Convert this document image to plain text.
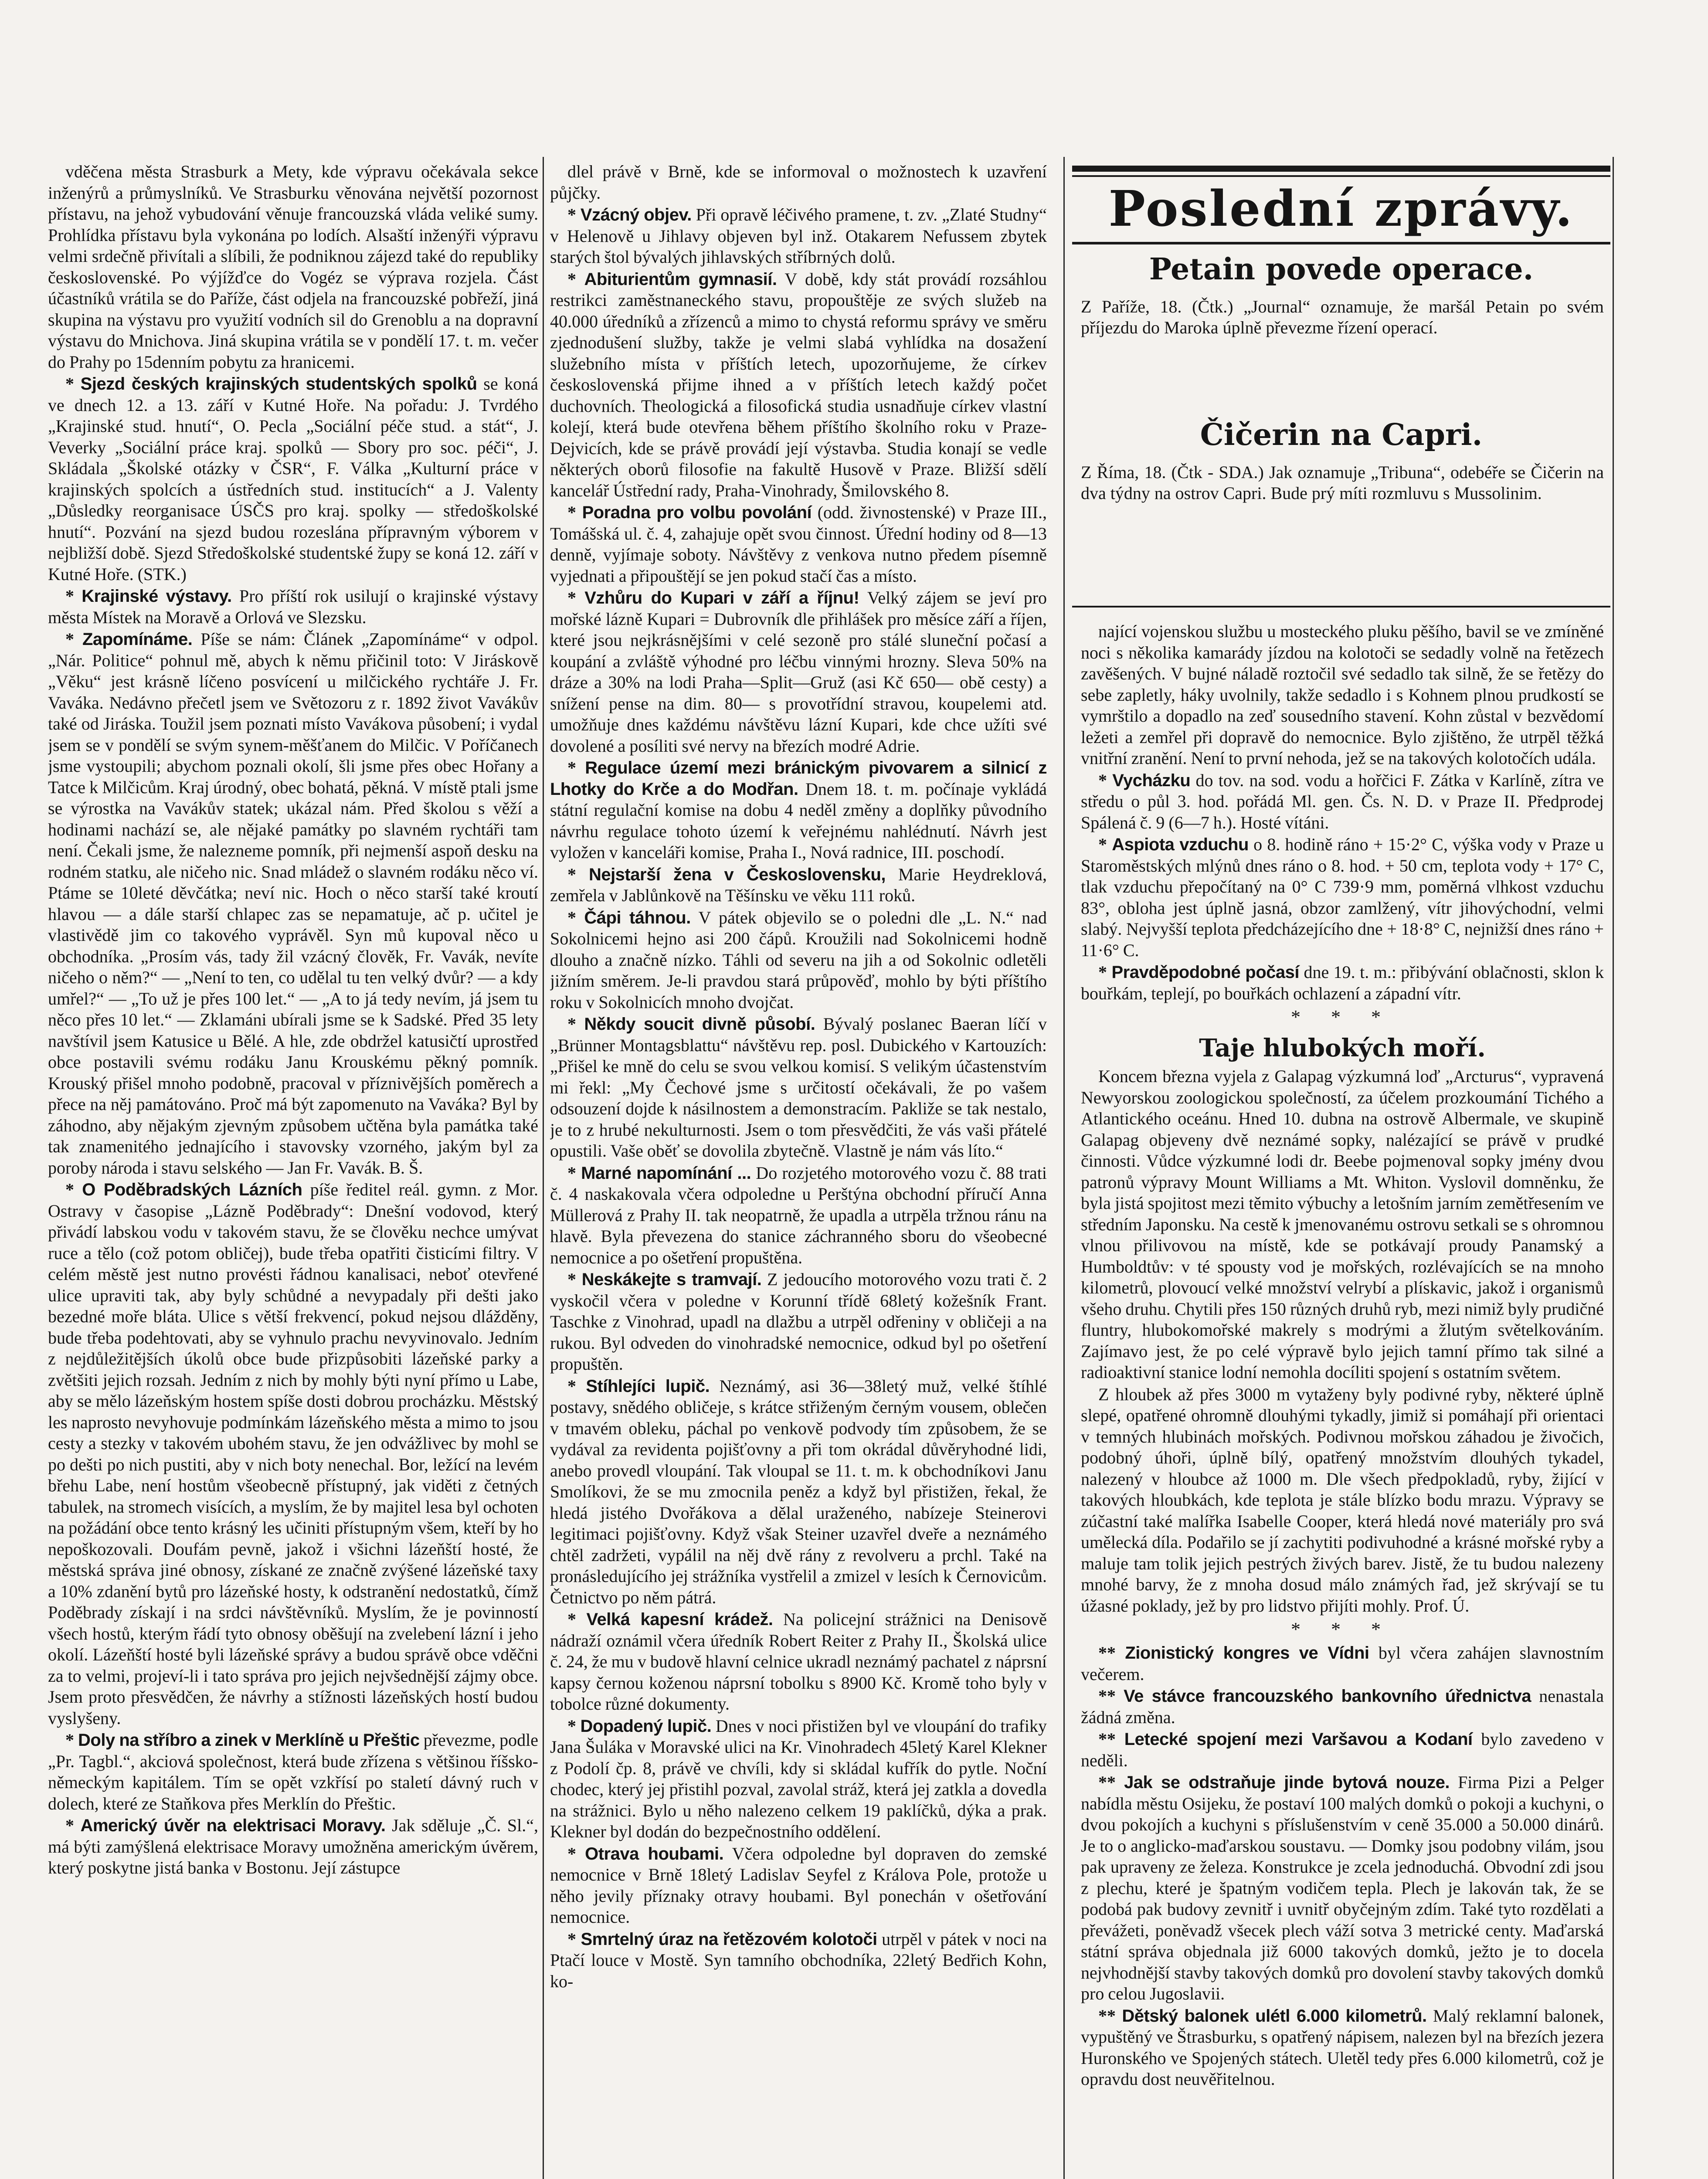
vděčena města Strasburk a Mety, kde výpravu očekávala sekce inženýrů a průmyslníků. Ve Strasburku věnována největší pozornost přístavu, na jehož vybudování věnuje francouzská vláda veliké sumy. Prohlídka přístavu byla vykonána po lodích. Alsaští inženýři výpravu velmi srdečně přivítali a slíbili, že podniknou zájezd také do republiky československé. Po výjížďce do Vogéz se výprava rozjela. Část účastníků vrátila se do Paříže, část odjela na francouzské pobřeží, jiná skupina na výstavu pro využití vodních sil do Grenoblu a na dopravní výstavu do Mnichova. Jiná skupina vrátila se v pondělí 17. t. m. večer do Prahy po 15denním pobytu za hranicemi.

* Sjezd českých krajinských studentských spolků se koná ve dnech 12. a 13. září v Kutné Hoře. Na pořadu: J. Tvrdého „Krajinské stud. hnutí“, O. Pecla „Sociální péče stud. a stát“, J. Veverky „Sociální práce kraj. spolků — Sbory pro soc. péči“, J. Skládala „Školské otázky v ČSR“, F. Válka „Kulturní práce v krajinských spolcích a ústředních stud. institucích“ a J. Valenty „Důsledky reorganisace ÚSČS pro kraj. spolky — středoškolské hnutí“. Pozvání na sjezd budou rozeslána přípravným výborem v nejbližší době. Sjezd Středoškolské studentské župy se koná 12. září v Kutné Hoře. (STK.)

* Krajinské výstavy. Pro příští rok usilují o krajinské výstavy města Místek na Moravě a Orlová ve Slezsku.

* Zapomínáme. Píše se nám: Článek „Zapomínáme“ v odpol. „Nár. Politice“ pohnul mě, abych k němu přičinil toto: V Jiráskově „Věku“ jest krásně líčeno posvícení u milčického rychtáře J. Fr. Vaváka. Nedávno přečetl jsem ve Světozoru z r. 1892 život Vavákův také od Jiráska. Toužil jsem poznati místo Vavákova působení; i vydal jsem se v pondělí se svým synem-měšťanem do Milčic. V Poříčanech jsme vystoupili; abychom poznali okolí, šli jsme přes obec Hořany a Tatce k Milčicům. Kraj úrodný, obec bohatá, pěkná. V místě ptali jsme se výrostka na Vavákův statek; ukázal nám. Před školou s věží a hodinami nachází se, ale nějaké památky po slavném rychtáři tam není. Čekali jsme, že nalezneme pomník, při nejmenší aspoň desku na rodném statku, ale ničeho nic. Snad mládež o slavném rodáku něco ví. Ptáme se 10leté děvčátka; neví nic. Hoch o něco starší také kroutí hlavou — a dále starší chlapec zas se nepamatuje, ač p. učitel je vlastivědě jim co takového vyprávěl. Syn mů kupoval něco u obchodníka. „Prosím vás, tady žil vzácný člověk, Fr. Vavák, nevíte ničeho o něm?“ — „Není to ten, co udělal tu ten velký dvůr? — a kdy umřel?“ — „To už je přes 100 let.“ — „A to já tedy nevím, já jsem tu něco přes 10 let.“ — Zklamáni ubírali jsme se k Sadské. Před 35 lety navštívil jsem Katusice u Bělé. A hle, zde obdržel katusičtí uprostřed obce postavili svému rodáku Janu Krouskému pěkný pomník. Krouský přišel mnoho podobně, pracoval v příznivějších poměrech a přece na něj památováno. Proč má být zapomenuto na Vaváka? Byl by záhodno, aby nějakým zjevným způsobem učtěna byla památka také tak znamenitého jednajícího i stavovsky vzorného, jakým byl za poroby národa i stavu selského — Jan Fr. Vavák. B. Š.

* O Poděbradských Lázních píše ředitel reál. gymn. z Mor. Ostravy v časopise „Lázně Poděbrady“: Dnešní vodovod, který přivádí labskou vodu v takovém stavu, že se člověku nechce umývat ruce a tělo (což potom obličej), bude třeba opatřiti čisticími filtry. V celém městě jest nutno provésti řádnou kanalisaci, neboť otevřené ulice upraviti tak, aby byly schůdné a nevypadaly při dešti jako bezedné moře bláta. Ulice s větší frekvencí, pokud nejsou dlážděny, bude třeba podehtovati, aby se vyhnulo prachu nevyvinovalo. Jedním z nejdůležitějších úkolů obce bude přizpůsobiti lázeňské parky a zvětšiti jejich rozsah. Jedním z nich by mohly býti nyní přímo u Labe, aby se mělo lázeňským hostem spíše dosti dobrou procházku. Městský les naprosto nevyhovuje podmínkám lázeňského města a mimo to jsou cesty a stezky v takovém ubohém stavu, že jen odvážlivec by mohl se po dešti po nich pustiti, aby v nich boty nenechal. Bor, ležící na levém břehu Labe, není hostům všeobecně přístupný, jak viděti z četných tabulek, na stromech visících, a myslím, že by majitel lesa byl ochoten na požádání obce tento krásný les učiniti přístupným všem, kteří by ho nepoškozovali. Doufám pevně, jakož i všichni lázeňští hosté, že městská správa jiné obnosy, získané ze značně zvýšené lázeňské taxy a 10% zdanění bytů pro lázeňské hosty, k odstranění nedostatků, čímž Poděbrady získají i na srdci návštěvníků. Myslím, že je povinností všech hostů, kterým řádí tyto obnosy oběšují na zvelebení lázní i jeho okolí. Lázeňští hosté byli lázeňské správy a budou správě obce vděčni za to velmi, projeví-li i tato správa pro jejich nejvšednější zájmy obce. Jsem proto přesvědčen, že návrhy a stížnosti lázeňských hostí budou vyslyšeny.

* Doly na stříbro a zinek v Merklíně u Přeštic převezme, podle „Pr. Tagbl.“, akciová společnost, která bude zřízena s většinou říšsko-německým kapitálem. Tím se opět vzkřísí po staletí dávný ruch v dolech, které ze Staňkova přes Merklín do Přeštic.

* Americký úvěr na elektrisaci Moravy. Jak sděluje „Č. Sl.“, má býti zamýšlená elektrisace Moravy umožněna americkým úvěrem, který poskytne jistá banka v Bostonu. Její zástupce

dlel právě v Brně, kde se informoval o možnostech k uzavření půjčky.

* Vzácný objev. Při opravě léčivého pramene, t. zv. „Zlaté Studny“ v Helenově u Jihlavy objeven byl inž. Otakarem Nefussem zbytek starých štol bývalých jihlavských stříbrných dolů.

* Abiturientům gymnasií. V době, kdy stát provádí rozsáhlou restrikci zaměstnaneckého stavu, propouštěje ze svých služeb na 40.000 úředníků a zřízenců a mimo to chystá reformu správy ve směru zjednodušení služby, takže je velmi slabá vyhlídka na dosažení služebního místa v příštích letech, upozorňujeme, že církev československá přijme ihned a v příštích letech každý počet duchovních. Theologická a filosofická studia usnadňuje církev vlastní kolejí, která bude otevřena během příštího školního roku v Praze-Dejvicích, kde se právě provádí její výstavba. Studia konají se vedle některých oborů filosofie na fakultě Husově v Praze. Bližší sdělí kancelář Ústřední rady, Praha-Vinohrady, Šmilovského 8.

* Poradna pro volbu povolání (odd. živnostenské) v Praze III., Tomášská ul. č. 4, zahajuje opět svou činnost. Úřední hodiny od 8—13 denně, vyjímaje soboty. Návštěvy z venkova nutno předem písemně vyjednati a připouštějí se jen pokud stačí čas a místo.

* Vzhůru do Kupari v září a říjnu! Velký zájem se jeví pro mořské lázně Kupari = Dubrovník dle přihlášek pro měsíce září a říjen, které jsou nejkrásnějšími v celé sezoně pro stálé sluneční počasí a koupání a zvláště výhodné pro léčbu vinnými hrozny. Sleva 50% na dráze a 30% na lodi Praha—Split—Gruž (asi Kč 650— obě cesty) a snížení pense na dim. 80— s provotřídní stravou, koupelemi atd. umožňuje dnes každému návštěvu lázní Kupari, kde chce užíti své dovolené a posíliti své nervy na březích modré Adrie.

* Regulace území mezi bránickým pivovarem a silnicí z Lhotky do Krče a do Modřan. Dnem 18. t. m. počínaje vykládá státní regulační komise na dobu 4 neděl změny a doplňky původního návrhu regulace tohoto území k veřejnému nahlédnutí. Návrh jest vyložen v kanceláři komise, Praha I., Nová radnice, III. poschodí.

* Nejstarší žena v Československu, Marie Heydreklová, zemřela v Jablůnkově na Těšínsku ve věku 111 roků.

* Čápi táhnou. V pátek objevilo se o poledni dle „L. N.“ nad Sokolnicemi hejno asi 200 čápů. Kroužili nad Sokolnicemi hodně dlouho a značně nízko. Táhli od severu na jih a od Sokolnic odletěli jižním směrem. Je-li pravdou stará průpověď, mohlo by býti příštího roku v Sokolnicích mnoho dvojčat.

* Někdy soucit divně působí. Bývalý poslanec Baeran líčí v „Brünner Montagsblattu“ návštěvu rep. posl. Dubického v Kartouzích: „Přišel ke mně do celu se svou velkou komisí. S velikým účastenstvím mi řekl: „My Čechové jsme s určitostí očekávali, že po vašem odsouzení dojde k násilnostem a demonstracím. Pakliže se tak nestalo, je to z hrubé nekulturnosti. Jsem o tom přesvědčiti, že vás vaši přátelé opustili. Vaše oběť se dovolila zbytečně. Vlastně je nám vás líto.“

* Marné napomínání ... Do rozjetého motorového vozu č. 88 trati č. 4 naskakovala včera odpoledne u Perštýna obchodní příručí Anna Müllerová z Prahy II. tak neopatrně, že upadla a utrpěla tržnou ránu na hlavě. Byla převezena do stanice záchranného sboru do všeobecné nemocnice a po ošetření propuštěna.

* Neskákejte s tramvají. Z jedoucího motorového vozu trati č. 2 vyskočil včera v poledne v Korunní třídě 68letý kožešník Frant. Taschke z Vinohrad, upadl na dlažbu a utrpěl odřeniny v obličeji a na rukou. Byl odveden do vinohradské nemocnice, odkud byl po ošetření propuštěn.

* Stíhlejíci lupič. Neznámý, asi 36—38letý muž, velké štíhlé postavy, snědého obličeje, s krátce střiženým černým vousem, oblečen v tmavém obleku, páchal po venkově podvody tím způsobem, že se vydával za revidenta pojišťovny a při tom okrádal důvěryhodné lidi, anebo provedl vloupání. Tak vloupal se 11. t. m. k obchodníkovi Janu Smolíkovi, že se mu zmocnila peněz a když byl přistižen, řekal, že hledá jistého Dvořákova a dělal uraženého, nabízeje Steinerovi legitimaci pojišťovny. Když však Steiner uzavřel dveře a neznámého chtěl zadržeti, vypálil na něj dvě rány z revolveru a prchl. Také na pronásledujícího jej strážníka vystřelil a zmizel v lesích k Černovicům. Četnictvo po něm pátrá.

* Velká kapesní krádež. Na policejní strážnici na Denisově nádraží oznámil včera úředník Robert Reiter z Prahy II., Školská ulice č. 24, že mu v budově hlavní celnice ukradl neznámý pachatel z náprsní kapsy černou koženou náprsní tobolku s 8900 Kč. Kromě toho byly v tobolce různé dokumenty.

* Dopadený lupič. Dnes v noci přistižen byl ve vloupání do trafiky Jana Šuláka v Moravské ulici na Kr. Vinohradech 45letý Karel Klekner z Podolí čp. 8, právě ve chvíli, kdy si skládal kufřík do pytle. Noční chodec, který jej přistihl pozval, zavolal stráž, která jej zatkla a dovedla na strážnici. Bylo u něho nalezeno celkem 19 paklíčků, dýka a prak. Klekner byl dodán do bezpečnostního oddělení.

* Otrava houbami. Včera odpoledne byl dopraven do zemské nemocnice v Brně 18letý Ladislav Seyfel z Králova Pole, protože u něho jevily příznaky otravy houbami. Byl ponechán v ošetřování nemocnice.

* Smrtelný úraz na řetězovém kolotoči utrpěl v pátek v noci na Ptačí louce v Mostě. Syn tamního obchodníka, 22letý Bedřich Kohn, ko-

Poslední zprávy.
Petain povede operace.
Z Paříže, 18. (Čtk.) „Journal“ oznamuje, že maršál Petain po svém příjezdu do Maroka úplně převezme řízení operací.
Čičerin na Capri.
Z Říma, 18. (Čtk - SDA.) Jak oznamuje „Tribuna“, odebéře se Čičerin na dva týdny na ostrov Capri. Bude prý míti rozmluvu s Mussolinim.

nající vojenskou službu u mosteckého pluku pěšího, bavil se ve zmíněné noci s několika kamarády jízdou na kolotoči se sedadly volně na řetězech zavěšených. V bujné náladě roztočil své sedadlo tak silně, že se řetězy do sebe zapletly, háky uvolnily, takže sedadlo i s Kohnem plnou prudkostí se vymrštilo a dopadlo na zeď sousedního stavení. Kohn zůstal v bezvědomí ležeti a zemřel při dopravě do nemocnice. Bylo zjištěno, že utrpěl těžká vnitřní zranění. Není to první nehoda, jež se na takových kolotočích udála.

* Vycházku do tov. na sod. vodu a hořčici F. Zátka v Karlíně, zítra ve středu o půl 3. hod. pořádá Ml. gen. Čs. N. D. v Praze II. Předprodej Spálená č. 9 (6—7 h.). Hosté vítáni.

* Aspiota vzduchu o 8. hodině ráno + 15·2° C, výška vody v Praze u Staroměstských mlýnů dnes ráno o 8. hod. + 50 cm, teplota vody + 17° C, tlak vzduchu přepočítaný na 0° C 739·9 mm, poměrná vlhkost vzduchu 83°, obloha jest úplně jasná, obzor zamlžený, vítr jihovýchodní, velmi slabý. Nejvyšší teplota předcházejícího dne + 18·8° C, nejnižší dnes ráno + 11·6° C.

* Pravděpodobné počasí dne 19. t. m.: přibývání oblačnosti, sklon k bouřkám, teplejí, po bouřkách ochlazení a západní vítr.

* * *
Taje hlubokých moří.

Koncem března vyjela z Galapag výzkumná loď „Arcturus“, vypravená Newyorskou zoologickou společností, za účelem prozkoumání Tichého a Atlantického oceánu. Hned 10. dubna na ostrově Albermale, ve skupině Galapag objeveny dvě neznámé sopky, nalézající se právě v prudké činnosti. Vůdce výzkumné lodi dr. Beebe pojmenoval sopky jmény dvou patronů výpravy Mount Williams a Mt. Whiton. Vyslovil domněnku, že byla jistá spojitost mezi těmito výbuchy a letošním jarním zemětřesením ve středním Japonsku. Na cestě k jmenovanému ostrovu setkali se s ohromnou vlnou přilivovou na místě, kde se potkávají proudy Panamský a Humboldtův: v té spousty vod je mořských, rozlévajících se na mnoho kilometrů, plovoucí velké množství velrybí a plískavic, jakož i organismů všeho druhu. Chytili přes 150 různých druhů ryb, mezi nimiž byly prudičné fluntry, hlubokomořské makrely s modrými a žlutým světelkováním. Zajímavo jest, že po celé výpravě bylo jejich tamní přímo tak silné a radioaktivní stanice lodní nemohla docíliti spojení s ostatním světem.

Z hloubek až přes 3000 m vytaženy byly podivné ryby, některé úplně slepé, opatřené ohromně dlouhými tykadly, jimiž si pomáhají při orientaci v temných hlubinách mořských. Podivnou mořskou záhadou je živočich, podobný úhoři, úplně bílý, opatřený množstvím dlouhých tykadel, nalezený v hloubce až 1000 m. Dle všech předpokladů, ryby, žijící v takových hloubkách, kde teplota je stále blízko bodu mrazu. Výpravy se zúčastní také malířka Isabelle Cooper, která hledá nové materiály pro svá umělecká díla. Podařilo se jí zachytiti podivuhodné a krásné mořské ryby a maluje tam tolik jejich pestrých živých barev. Jistě, že tu budou nalezeny mnohé barvy, že z mnoha dosud málo známých řad, jež skrývají se tu úžasné poklady, jež by pro lidstvo přijíti mohly. Prof. Ú.

* * *

** Zionistický kongres ve Vídni byl včera zahájen slavnostním večerem.

** Ve stávce francouzského bankovního úřednictva nenastala žádná změna.

** Letecké spojení mezi Varšavou a Kodaní bylo zavedeno v neděli.

** Jak se odstraňuje jinde bytová nouze. Firma Pizi a Pelger nabídla městu Osijeku, že postaví 100 malých domků o pokoji a kuchyni, o dvou pokojích a kuchyni s příslušenstvím v ceně 35.000 a 50.000 dinárů. Je to o anglicko-maďarskou soustavu. — Domky jsou podobny vilám, jsou pak upraveny ze železa. Konstrukce je zcela jednoduchá. Obvodní zdi jsou z plechu, které je špatným vodičem tepla. Plech je lakován tak, že se podobá pak budovy zevnitř i uvnitř obyčejným zdím. Také tyto rozdělati a převážeti, poněvadž všecek plech váží sotva 3 metrické centy. Maďarská státní správa objednala již 6000 takových domků, ježto je to docela nejvhodnější stavby takových domků pro dovolení stavby takových domků pro celou Jugoslavii.

** Dětský balonek ulétl 6.000 kilometrů. Malý reklamní balonek, vypuštěný ve Štrasburku, s opatřený nápisem, nalezen byl na březích jezera Huronského ve Spojených státech. Uletěl tedy přes 6.000 kilometrů, což je opravdu dost neuvěřitelnou.
